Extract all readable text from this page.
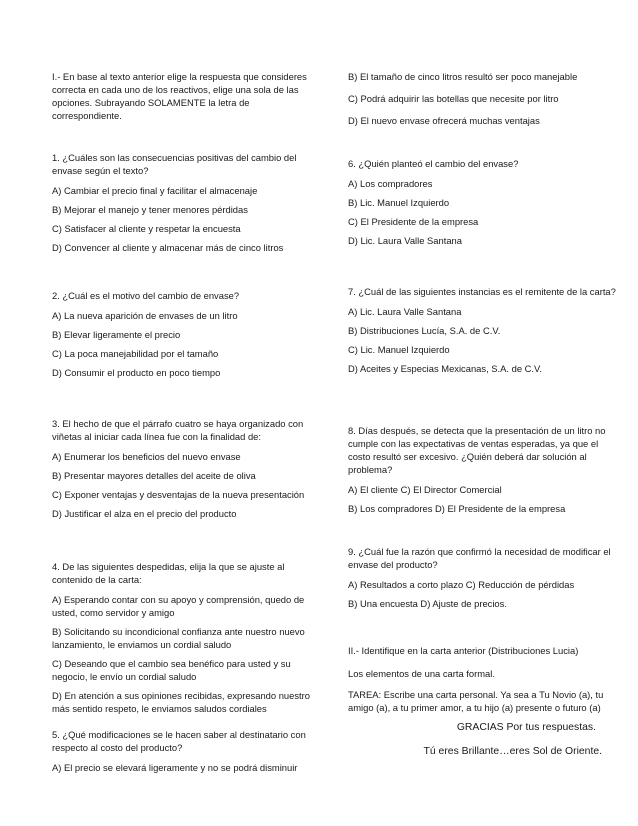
I.- En base al texto anterior elige la respuesta que consideres correcta en cada uno de los reactivos, elige una sola de las opciones. Subrayando SOLAMENTE la letra de correspondiente.

1. ¿Cuáles son las consecuencias positivas del cambio del envase según el texto?

A) Cambiar el precio final y facilitar el almacenaje

B) Mejorar el manejo y tener menores pérdidas

C) Satisfacer al cliente y respetar la encuesta

D) Convencer al cliente y almacenar más de cinco litros

2. ¿Cuál es el motivo del cambio de envase?

A) La nueva aparición de envases de un litro

B) Elevar ligeramente el precio

C) La poca manejabilidad por el tamaño

D) Consumir el producto en poco tiempo

3. El hecho de que el párrafo cuatro se haya organizado con viñetas al iniciar cada línea fue con la finalidad de:

A) Enumerar los beneficios del nuevo envase

B) Presentar mayores detalles del aceite de oliva

C) Exponer ventajas y desventajas de la nueva presentación

D) Justificar el alza en el precio del producto

4. De las siguientes despedidas, elija la que se ajuste al contenido de la carta:

A) Esperando contar con su apoyo y comprensión, quedo de usted, como servidor y amigo

B) Solicitando su incondicional confianza ante nuestro nuevo lanzamiento, le enviamos un cordial saludo

C) Deseando que el cambio sea benéfico para usted y su negocio, le envío un cordial saludo

D) En atención a sus opiniones recibidas, expresando nuestro más sentido respeto, le enviamos saludos cordiales

5. ¿Qué modificaciones se le hacen saber al destinatario con respecto al costo del producto?

A) El precio se elevará ligeramente y no se podrá disminuir

B) El tamaño de cinco litros resultó ser poco manejable

C) Podrá adquirir las botellas que necesite por litro

D) El nuevo envase ofrecerá muchas ventajas

6. ¿Quién planteó el cambio del envase?

A) Los compradores

B) Lic. Manuel Izquierdo

C) El Presidente de la empresa

D) Lic. Laura Valle Santana

7. ¿Cuál de las siguientes instancias es el remitente de la carta?

A) Lic. Laura Valle Santana

B) Distribuciones Lucía, S.A. de C.V.

C) Lic. Manuel Izquierdo

D) Aceites y Especias Mexicanas, S.A. de C.V.

8. Días después, se detecta que la presentación de un litro no cumple con las expectativas de ventas esperadas, ya que el costo resultó ser excesivo. ¿Quién deberá dar solución al problema?

A) El cliente C) El Director Comercial

B) Los compradores D) El Presidente de la empresa

9. ¿Cuál fue la razón que confirmó la necesidad de modificar el envase del producto?

A) Resultados a corto plazo C) Reducción de pérdidas

B) Una encuesta D) Ajuste de precios.

II.- Identifique en la carta anterior (Distribuciones Lucia)

Los elementos de una carta formal.

TAREA: Escribe una carta personal. Ya sea a Tu Novio (a), tu amigo (a), a tu primer amor, a tu hijo (a) presente o futuro (a)

GRACIAS Por tus respuestas.
Tú eres Brillante…eres Sol de Oriente.
